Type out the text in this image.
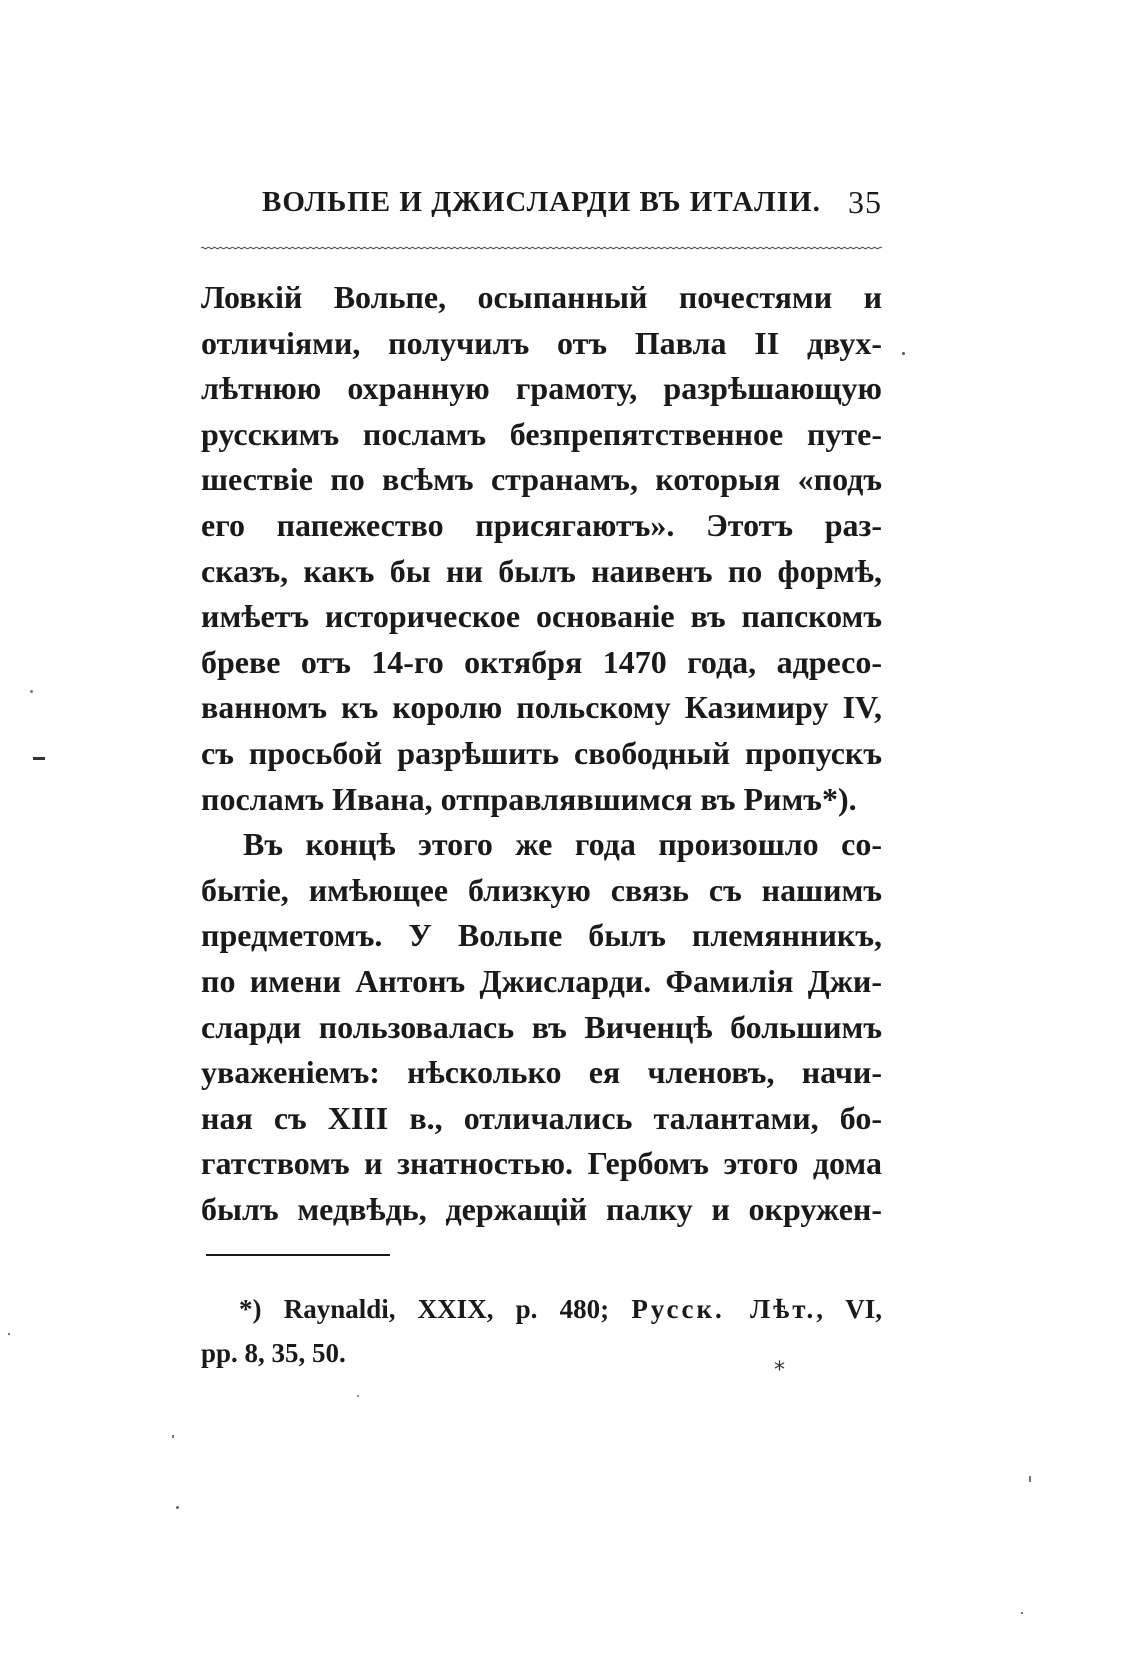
ВОЛЬПЕ И ДЖИСЛАРДИ ВЪ ИТАЛІИ. 35
Ловкій Вольпе, осыпанный почестями и
отличіями, получилъ отъ Павла II двух-
лѣтнюю охранную грамоту, разрѣшающую
русскимъ посламъ безпрепятственное путе-
шествіе по всѣмъ странамъ, которыя «подъ
его папежество присягаютъ». Этотъ раз-
сказъ, какъ бы ни былъ наивенъ по формѣ,
имѣетъ историческое основаніе въ папскомъ
бреве отъ 14-го октября 1470 года, адресо-
ванномъ къ королю польскому Казимиру IV,
съ просьбой разрѣшить свободный пропускъ
посламъ Ивана, отправлявшимся въ Римъ*).
Въ концѣ этого же года произошло со-
бытіе, имѣющее близкую связь съ нашимъ
предметомъ. У Вольпе былъ племянникъ,
по имени Антонъ Джисларди. Фамилія Джи-
сларди пользовалась въ Виченцѣ большимъ
уваженіемъ: нѣсколько ея членовъ, начи-
ная съ XIII в., отличались талантами, бо-
гатствомъ и знатностью. Гербомъ этого дома
былъ медвѣдь, держащій палку и окружен-
*) Raynaldi, XXIX, p. 480; Русск. Лѣт., VI,
pp. 8, 35, 50.
*
